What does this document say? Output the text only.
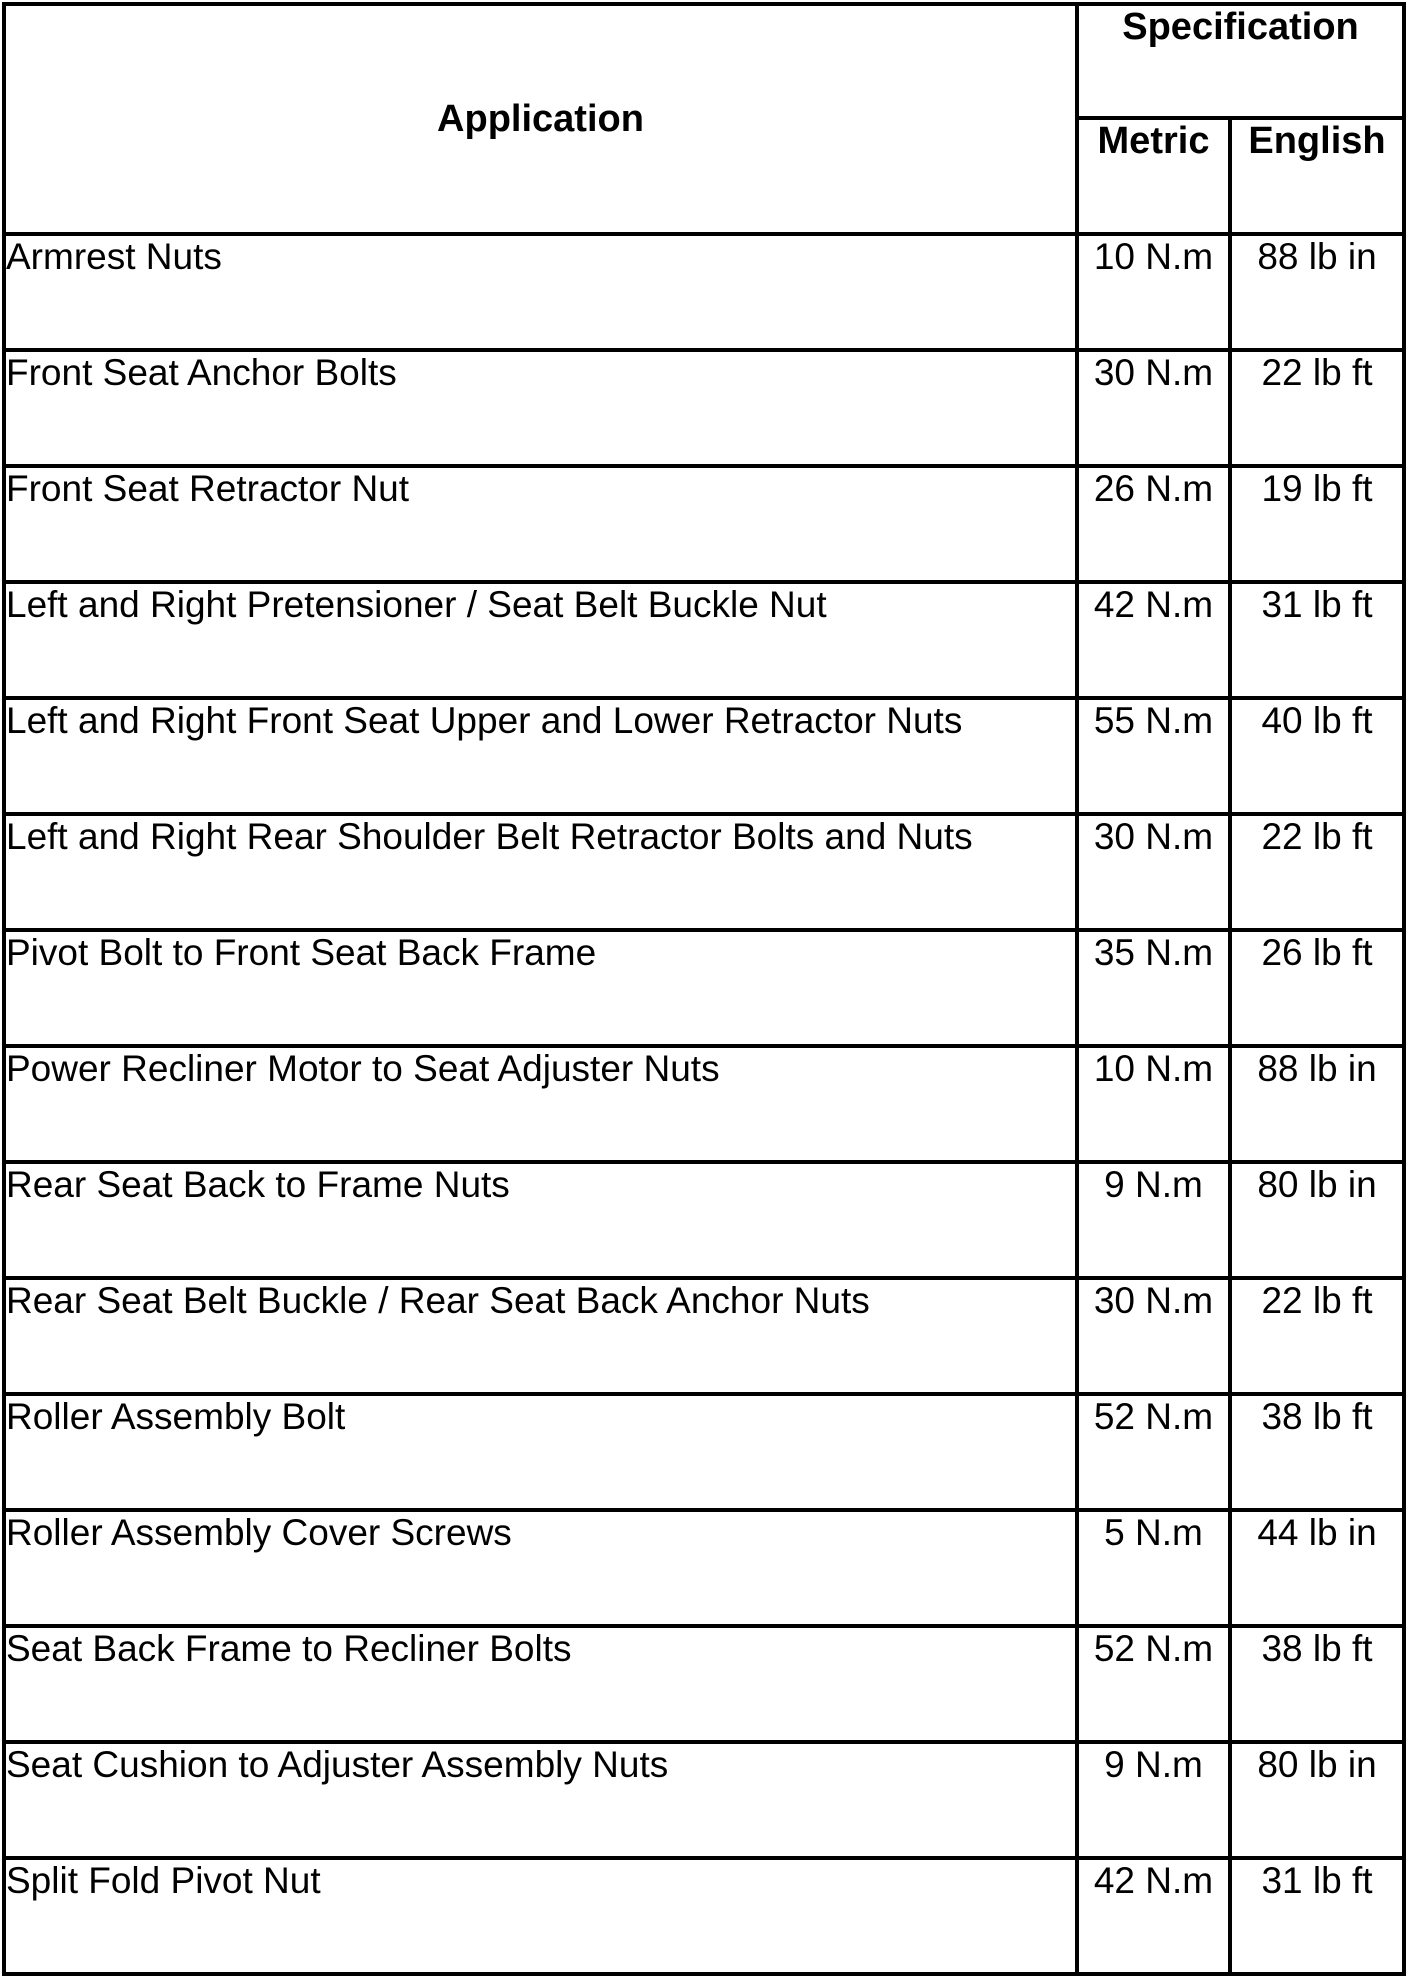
Application	Specification	
	Metric	English
Armrest Nuts	10 N.m	88 lb in
Front Seat Anchor Bolts	30 N.m	22 lb ft
Front Seat Retractor Nut	26 N.m	19 lb ft
Left and Right Pretensioner / Seat Belt Buckle Nut	42 N.m	31 lb ft
Left and Right Front Seat Upper and Lower Retractor Nuts	55 N.m	40 lb ft
Left and Right Rear Shoulder Belt Retractor Bolts and Nuts	30 N.m	22 lb ft
Pivot Bolt to Front Seat Back Frame	35 N.m	26 lb ft
Power Recliner Motor to Seat Adjuster Nuts	10 N.m	88 lb in
Rear Seat Back to Frame Nuts	9 N.m	80 lb in
Rear Seat Belt Buckle / Rear Seat Back Anchor Nuts	30 N.m	22 lb ft
Roller Assembly Bolt	52 N.m	38 lb ft
Roller Assembly Cover Screws	5 N.m	44 lb in
Seat Back Frame to Recliner Bolts	52 N.m	38 lb ft
Seat Cushion to Adjuster Assembly Nuts	9 N.m	80 lb in
Split Fold Pivot Nut	42 N.m	31 lb ft
